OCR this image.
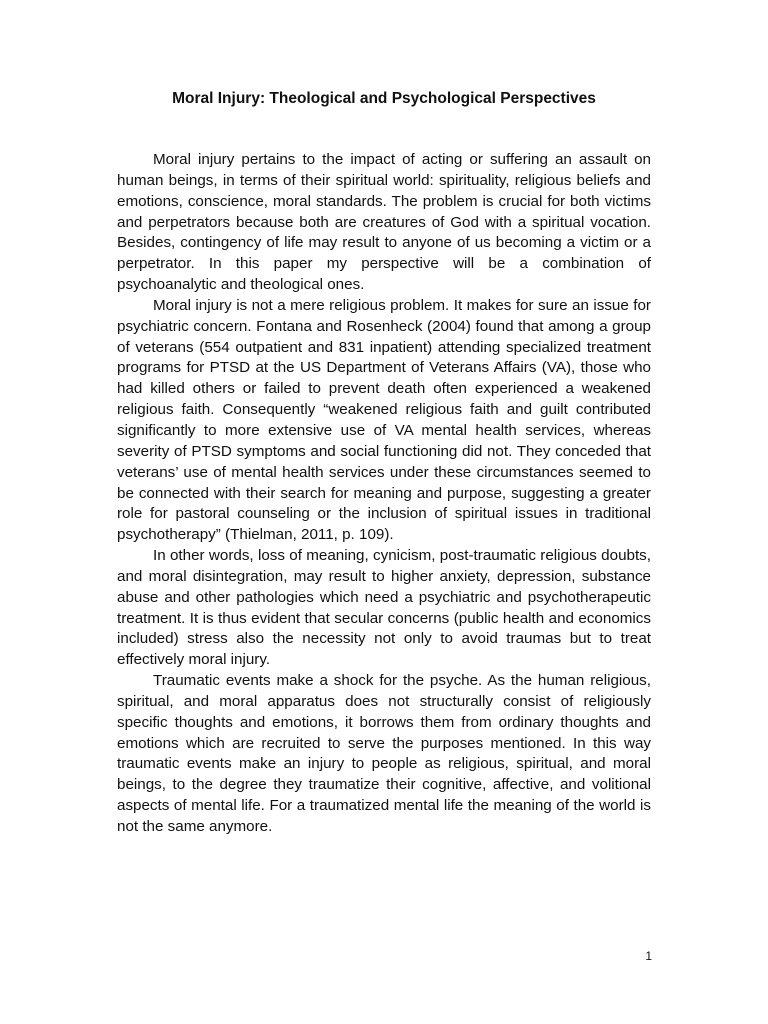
Moral Injury: Theological and Psychological Perspectives

Moral injury pertains to the impact of acting or suffering an assault on human beings, in terms of their spiritual world: spirituality, religious beliefs and emotions, conscience, moral standards. The problem is crucial for both victims and perpetrators because both are creatures of God with a spiritual vocation. Besides, contingency of life may result to anyone of us becoming a victim or a perpetrator. In this paper my perspective will be a combination of psychoanalytic and theological ones.

Moral injury is not a mere religious problem. It makes for sure an issue for psychiatric concern. Fontana and Rosenheck (2004) found that among a group of veterans (554 outpatient and 831 inpatient) attending specialized treatment programs for PTSD at the US Department of Veterans Affairs (VA), those who had killed others or failed to prevent death often experienced a weakened religious faith. Consequently “weakened religious faith and guilt contributed significantly to more extensive use of VA mental health services, whereas severity of PTSD symptoms and social functioning did not. They conceded that veterans’ use of mental health services under these circumstances seemed to be connected with their search for meaning and purpose, suggesting a greater role for pastoral counseling or the inclusion of spiritual issues in traditional psychotherapy” (Thielman, 2011, p. 109).

In other words, loss of meaning, cynicism, post-traumatic religious doubts, and moral disintegration, may result to higher anxiety, depression, substance abuse and other pathologies which need a psychiatric and psychotherapeutic treatment. It is thus evident that secular concerns (public health and economics included) stress also the necessity not only to avoid traumas but to treat effectively moral injury.

Traumatic events make a shock for the psyche. As the human religious, spiritual, and moral apparatus does not structurally consist of religiously specific thoughts and emotions, it borrows them from ordinary thoughts and emotions which are recruited to serve the purposes mentioned. In this way traumatic events make an injury to people as religious, spiritual, and moral beings, to the degree they traumatize their cognitive, affective, and volitional aspects of mental life. For a traumatized mental life the meaning of the world is not the same anymore.

1
